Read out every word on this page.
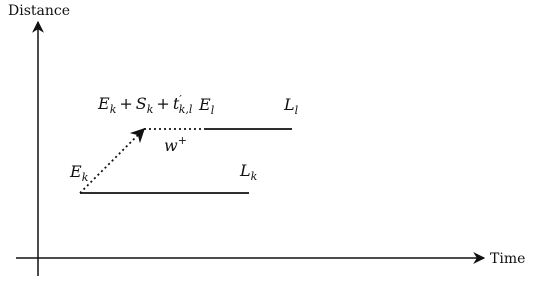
Distance
Time
$E_k$	$L_k$
$E_l$	$L_l$
w+
$E_k + S_k + t'$ k,l
